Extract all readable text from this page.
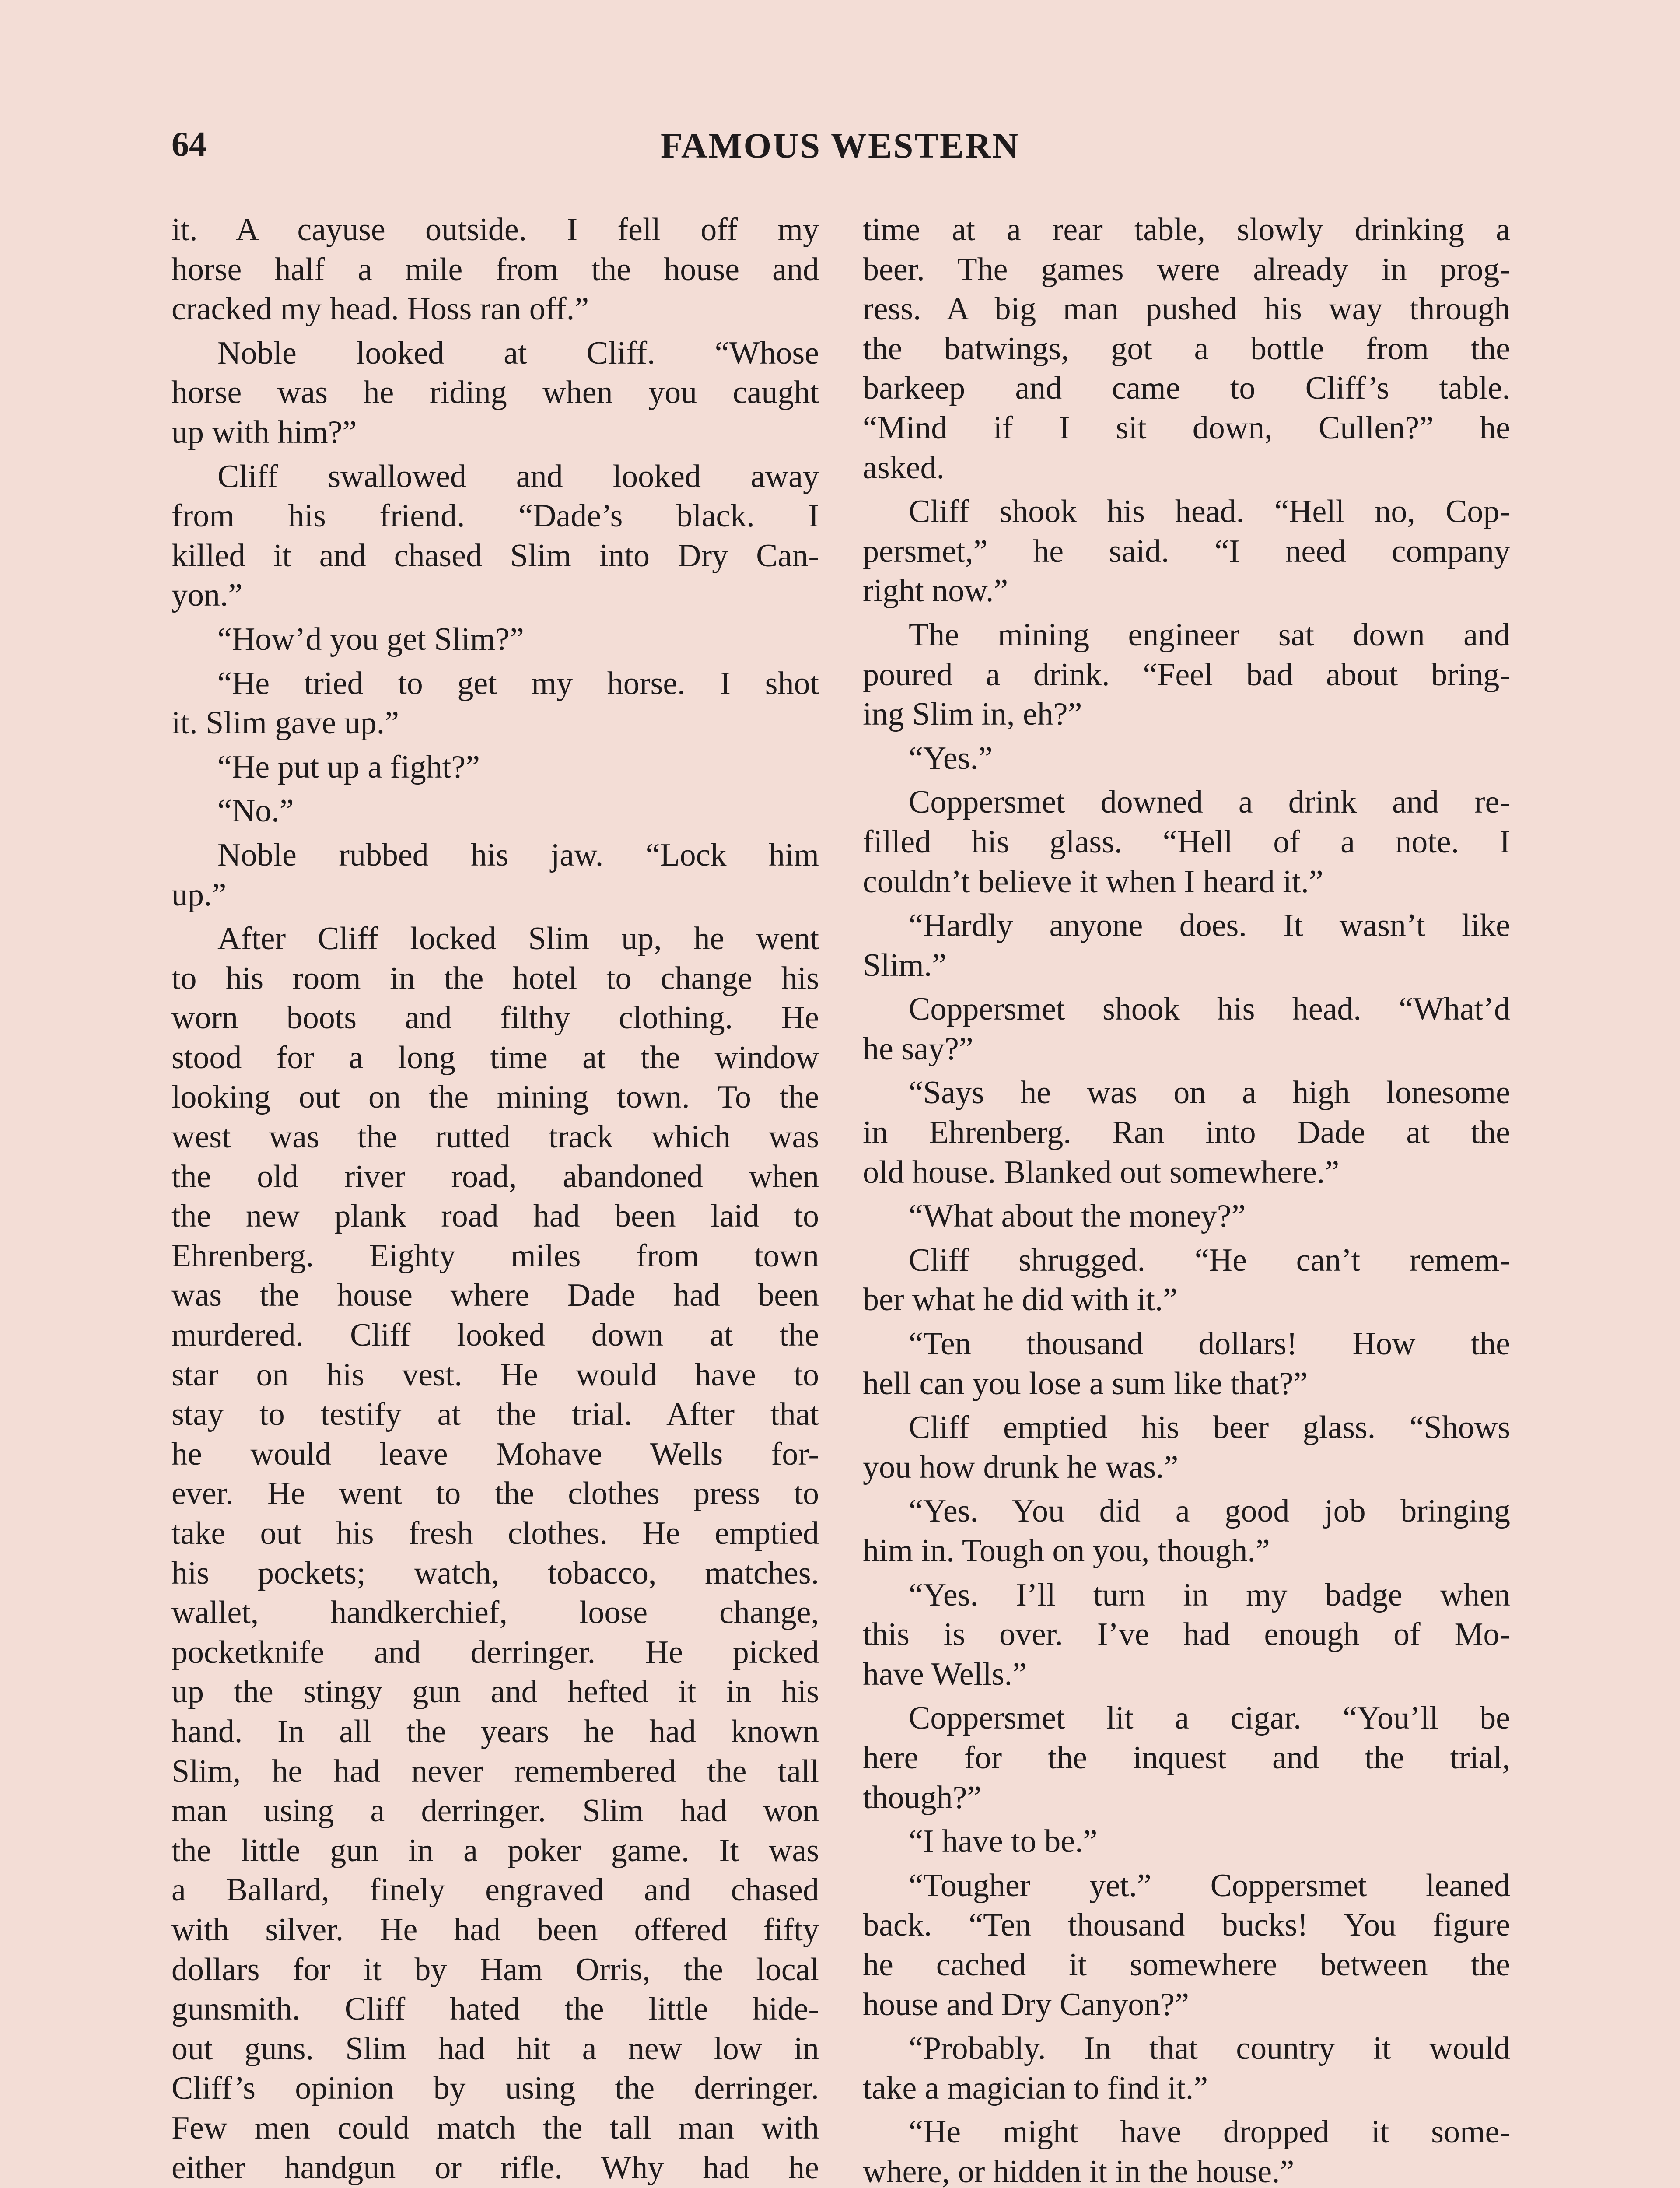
64	FAMOUS WESTERN
it. A cayuse outside. I fell off my
horse half a mile from the house and
cracked my head. Hoss ran off.”
Noble looked at Cliff. “Whose
horse was he riding when you caught
up with him?”
Cliff swallowed and looked away
from his friend. “Dade’s black. I
killed it and chased Slim into Dry Can-
yon.”
“How’d you get Slim?”
“He tried to get my horse. I shot
it. Slim gave up.”
“He put up a fight?”
“No.”
Noble rubbed his jaw. “Lock him
up.”
After Cliff locked Slim up, he went
to his room in the hotel to change his
worn boots and filthy clothing. He
stood for a long time at the window
looking out on the mining town. To the
west was the rutted track which was
the old river road, abandoned when
the new plank road had been laid to
Ehrenberg. Eighty miles from town
was the house where Dade had been
murdered. Cliff looked down at the
star on his vest. He would have to
stay to testify at the trial. After that
he would leave Mohave Wells for-
ever. He went to the clothes press to
take out his fresh clothes. He emptied
his pockets; watch, tobacco, matches.
wallet, handkerchief, loose change,
pocketknife and derringer. He picked
up the stingy gun and hefted it in his
hand. In all the years he had known
Slim, he had never remembered the tall
man using a derringer. Slim had won
the little gun in a poker game. It was
a Ballard, finely engraved and chased
with silver. He had been offered fifty
dollars for it by Ham Orris, the local
gunsmith. Cliff hated the little hide-
out guns. Slim had hit a new low in
Cliff’s opinion by using the derringer.
Few men could match the tall man with
either handgun or rifle. Why had he
time at a rear table, slowly drinking a
beer. The games were already in prog-
ress. A big man pushed his way through
the batwings, got a bottle from the
barkeep and came to Cliff’s table.
“Mind if I sit down, Cullen?” he
asked.
Cliff shook his head. “Hell no, Cop-
persmet,” he said. “I need company
right now.”
The mining engineer sat down and
poured a drink. “Feel bad about bring-
ing Slim in, eh?”
“Yes.”
Coppersmet downed a drink and re-
filled his glass. “Hell of a note. I
couldn’t believe it when I heard it.”
“Hardly anyone does. It wasn’t like
Slim.”
Coppersmet shook his head. “What’d
he say?”
“Says he was on a high lonesome
in Ehrenberg. Ran into Dade at the
old house. Blanked out somewhere.”
“What about the money?”
Cliff shrugged. “He can’t remem-
ber what he did with it.”
“Ten thousand dollars! How the
hell can you lose a sum like that?”
Cliff emptied his beer glass. “Shows
you how drunk he was.”
“Yes. You did a good job bringing
him in. Tough on you, though.”
“Yes. I’ll turn in my badge when
this is over. I’ve had enough of Mo-
have Wells.”
Coppersmet lit a cigar. “You’ll be
here for the inquest and the trial,
though?”
“I have to be.”
“Tougher yet.” Coppersmet leaned
back. “Ten thousand bucks! You figure
he cached it somewhere between the
house and Dry Canyon?”
“Probably. In that country it would
take a magician to find it.”
“He might have dropped it some-
where, or hidden it in the house.”
